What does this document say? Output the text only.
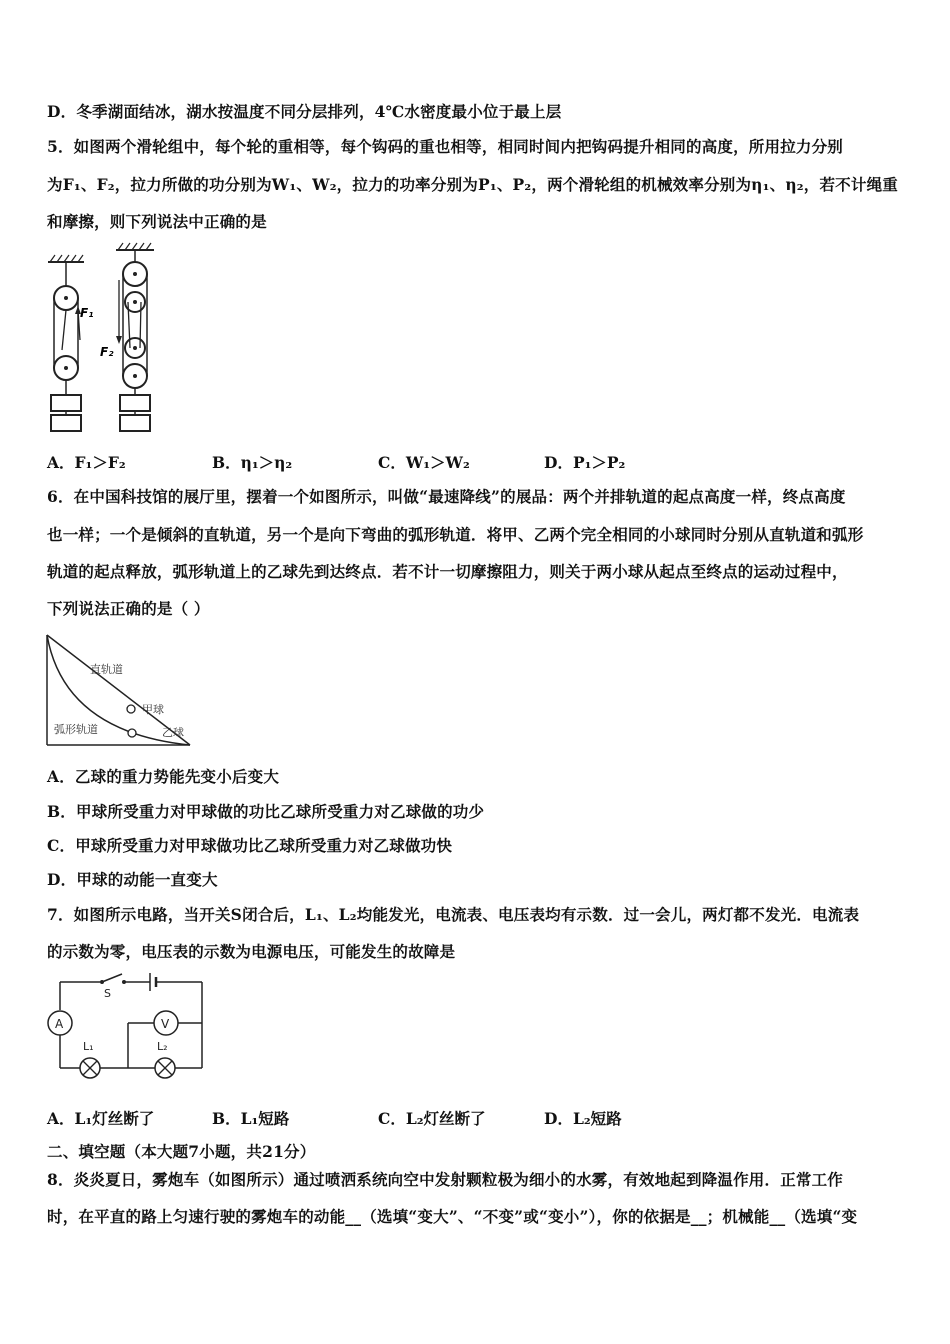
D．冬季湖面结冰，湖水按温度不同分层排列，4℃水密度最小位于最上层
5．如图两个滑轮组中，每个轮的重相等，每个钩码的重也相等，相同时间内把钩码提升相同的高度，所用拉力分别
为F₁、F₂，拉力所做的功分别为W₁、W₂，拉力的功率分别为P₁、P₂，两个滑轮组的机械效率分别为η₁、η₂，若不计绳重
和摩擦，则下列说法中正确的是
F₁
F₂
A．F₁＞F₂	B．η₁＞η₂	C．W₁＞W₂	D．P₁＞P₂
6．在中国科技馆的展厅里，摆着一个如图所示，叫做“最速降线”的展品：两个并排轨道的起点高度一样，终点高度
也一样；一个是倾斜的直轨道，另一个是向下弯曲的弧形轨道．将甲、乙两个完全相同的小球同时分别从直轨道和弧形
轨道的起点释放，弧形轨道上的乙球先到达终点．若不计一切摩擦阻力，则关于两小球从起点至终点的运动过程中，
下列说法正确的是（ ）
直轨道
甲球
弧形轨道	乙球
A．乙球的重力势能先变小后变大
B．甲球所受重力对甲球做的功比乙球所受重力对乙球做的功少
C．甲球所受重力对甲球做功比乙球所受重力对乙球做功快
D．甲球的动能一直变大
7．如图所示电路，当开关S闭合后，L₁、L₂均能发光，电流表、电压表均有示数．过一会儿，两灯都不发光．电流表
的示数为零，电压表的示数为电源电压，可能发生的故障是
S
A
L₁	L₂
V
A．L₁灯丝断了	B．L₁短路	C．L₂灯丝断了	D．L₂短路
二、填空题（本大题7小题，共21分）
8．炎炎夏日，雾炮车（如图所示）通过喷洒系统向空中发射颗粒极为细小的水雾，有效地起到降温作用．正常工作
时，在平直的路上匀速行驶的雾炮车的动能__（选填“变大”、“不变”或“变小”），你的依据是__；机械能__（选填“变
